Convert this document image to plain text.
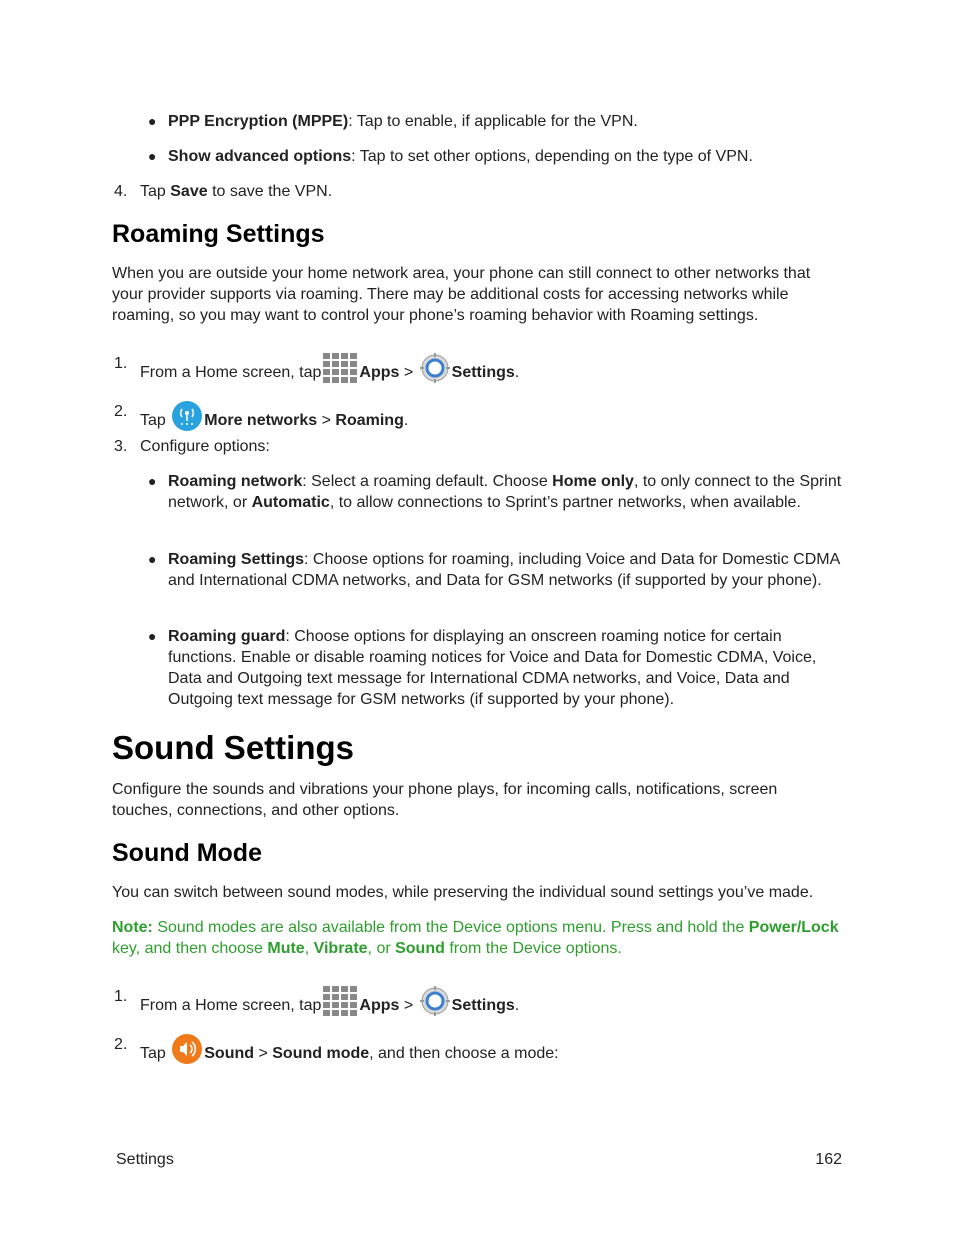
● PPP Encryption (MPPE): Tap to enable, if applicable for the VPN.
● Show advanced options: Tap to set other options, depending on the type of VPN.
4. Tap Save to save the VPN.
Roaming Settings
When you are outside your home network area, your phone can still connect to other networks that your provider supports via roaming. There may be additional costs for accessing networks while roaming, so you may want to control your phone’s roaming behavior with Roaming settings.
1.
From a Home screen, tap Apps > Settings.
2.
Tap More networks > Roaming.
3. Configure options:
● Roaming network: Select a roaming default. Choose Home only, to only connect to the Sprint network, or Automatic, to allow connections to Sprint’s partner networks, when available.
● Roaming Settings: Choose options for roaming, including Voice and Data for Domestic CDMA and International CDMA networks, and Data for GSM networks (if supported by your phone).
● Roaming guard: Choose options for displaying an onscreen roaming notice for certain functions. Enable or disable roaming notices for Voice and Data for Domestic CDMA, Voice, Data and Outgoing text message for International CDMA networks, and Voice, Data and Outgoing text message for GSM networks (if supported by your phone).
Sound Settings
Configure the sounds and vibrations your phone plays, for incoming calls, notifications, screen touches, connections, and other options.
Sound Mode
You can switch between sound modes, while preserving the individual sound settings you’ve made.
Note: Sound modes are also available from the Device options menu. Press and hold the Power/Lock key, and then choose Mute, Vibrate, or Sound from the Device options.
1.
From a Home screen, tap Apps > Settings.
2.
Tap Sound > Sound mode, and then choose a mode:
Settings	162
